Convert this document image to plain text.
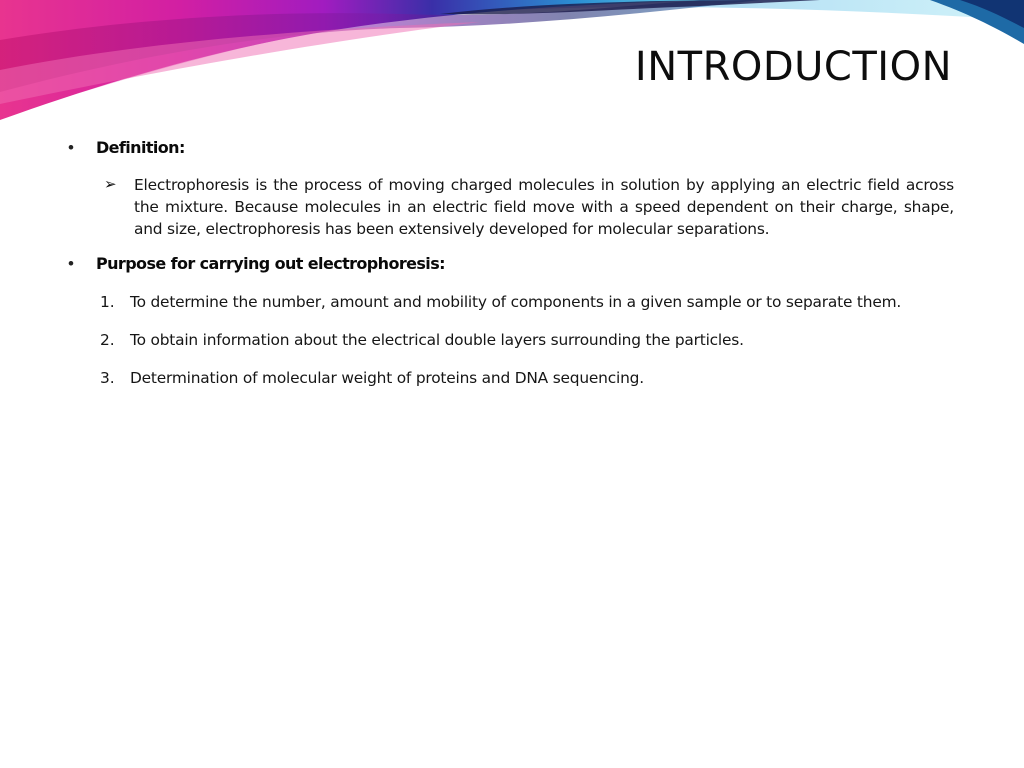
INTRODUCTION
•	Definition:
➢	Electrophoresis is the process of moving charged molecules in solution by applying an electric field across the mixture. Because molecules in an electric field move with a speed dependent on their charge, shape, and size, electrophoresis has been extensively developed for molecular separations.
•	Purpose for carrying out electrophoresis:
1. To determine the number, amount and mobility of components in a given sample or to separate them.
2. To obtain information about the electrical double layers surrounding the particles.
3. Determination of molecular weight of proteins and DNA sequencing.
